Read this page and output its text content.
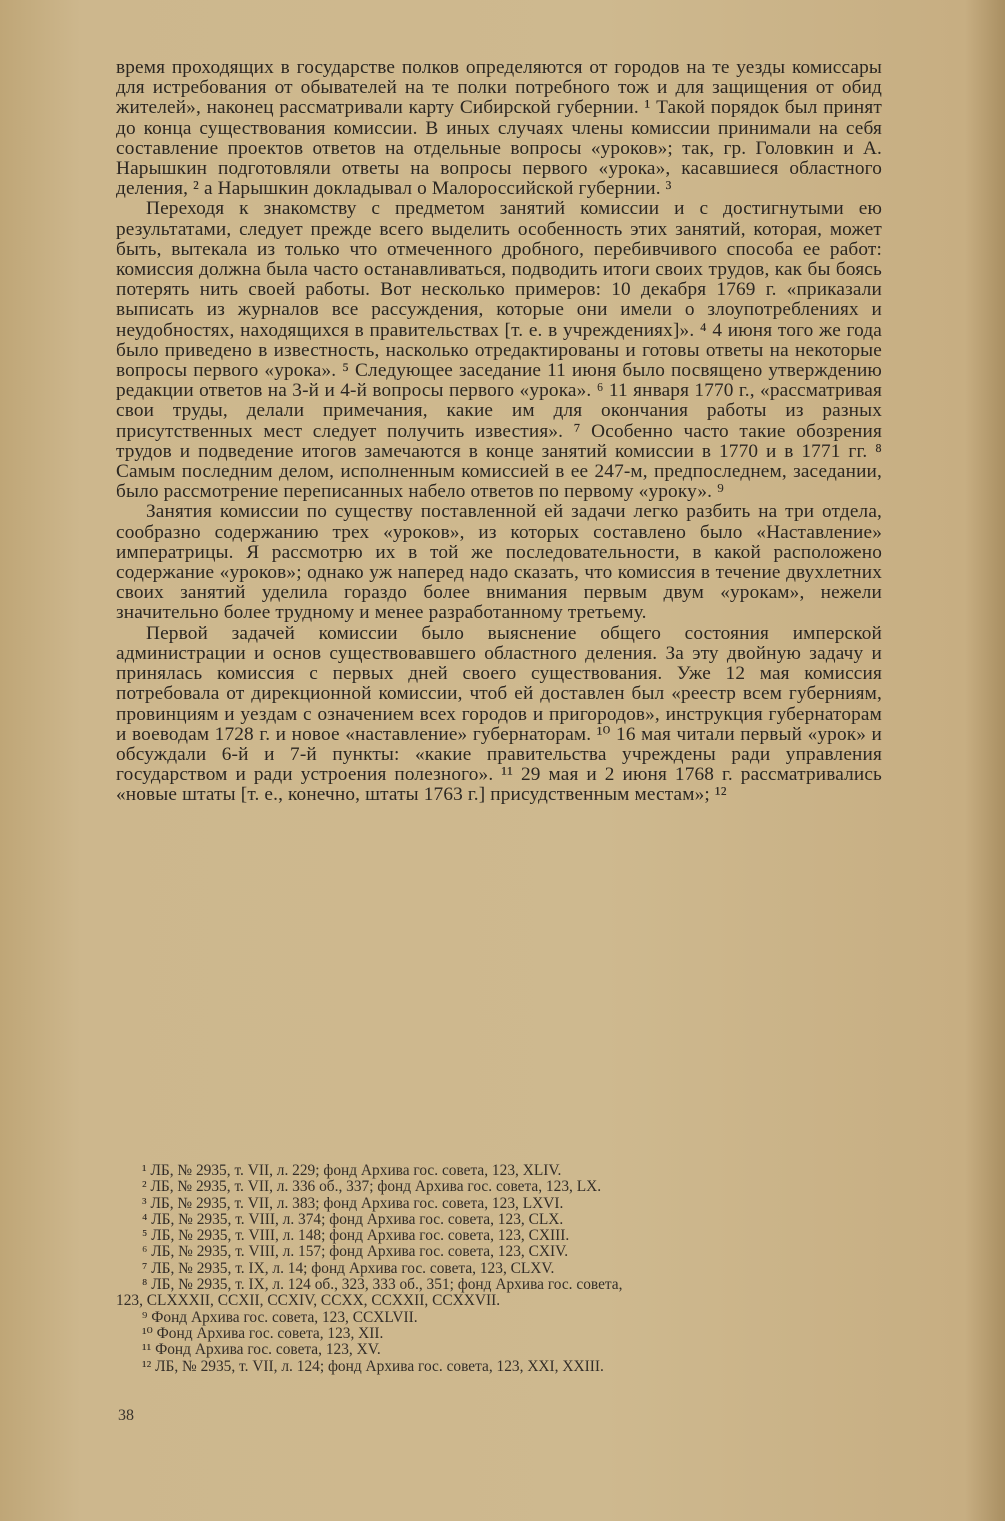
время проходящих в государстве полков определяются от городов на те уезды комиссары для истребования от обывателей на те полки потребного тож и для защищения от обид жителей», наконец рассматривали карту Сибирской губернии. ¹ Такой порядок был принят до конца существования комиссии. В иных случаях члены комиссии принимали на себя составление проектов ответов на отдельные вопросы «уроков»; так, гр. Головкин и А. Нарышкин подготовляли ответы на вопросы первого «урока», касавшиеся областного деления, ² а Нарышкин докладывал о Малороссийской губернии. ³

Переходя к знакомству с предметом занятий комиссии и с достигнутыми ею результатами, следует прежде всего выделить особенность этих занятий, которая, может быть, вытекала из только что отмеченного дробного, перебивчивого способа ее работ: комиссия должна была часто останавливаться, подводить итоги своих трудов, как бы боясь потерять нить своей работы. Вот несколько примеров: 10 декабря 1769 г. «приказали выписать из журналов все рассуждения, которые они имели о злоупотреблениях и неудобностях, находящихся в правительствах [т. е. в учреждениях]». ⁴ 4 июня того же года было приведено в известность, насколько отредактированы и готовы ответы на некоторые вопросы первого «урока». ⁵ Следующее заседание 11 июня было посвящено утверждению редакции ответов на 3-й и 4-й вопросы первого «урока». ⁶ 11 января 1770 г., «рассматривая свои труды, делали примечания, какие им для окончания работы из разных присутственных мест следует получить известия». ⁷ Особенно часто такие обозрения трудов и подведение итогов замечаются в конце занятий комиссии в 1770 и в 1771 гг. ⁸ Самым последним делом, исполненным комиссией в ее 247-м, предпоследнем, заседании, было рассмотрение переписанных набело ответов по первому «уроку». ⁹

Занятия комиссии по существу поставленной ей задачи легко разбить на три отдела, сообразно содержанию трех «уроков», из которых составлено было «Наставление» императрицы. Я рассмотрю их в той же последовательности, в какой расположено содержание «уроков»; однако уж наперед надо сказать, что комиссия в течение двухлетних своих занятий уделила гораздо более внимания первым двум «урокам», нежели значительно более трудному и менее разработанному третьему.

Первой задачей комиссии было выяснение общего состояния имперской администрации и основ существовавшего областного деления. За эту двойную задачу и принялась комиссия с первых дней своего существования. Уже 12 мая комиссия потребовала от дирекционной комиссии, чтоб ей доставлен был «реестр всем губерниям, провинциям и уездам с означением всех городов и пригородов», инструкция губернаторам и воеводам 1728 г. и новое «наставление» губернаторам. ¹⁰ 16 мая читали первый «урок» и обсуждали 6-й и 7-й пункты: «какие правительства учреждены ради управления государством и ради устроения полезного». ¹¹ 29 мая и 2 июня 1768 г. рассматривались «новые штаты [т. е., конечно, штаты 1763 г.] присудственным местам»; ¹²

¹ ЛБ, № 2935, т. VII, л. 229; фонд Архива гос. совета, 123, XLIV.

² ЛБ, № 2935, т. VII, л. 336 об., 337; фонд Архива гос. совета, 123, LX.

³ ЛБ, № 2935, т. VII, л. 383; фонд Архива гос. совета, 123, LXVI.

⁴ ЛБ, № 2935, т. VIII, л. 374; фонд Архива гос. совета, 123, CLX.

⁵ ЛБ, № 2935, т. VIII, л. 148; фонд Архива гос. совета, 123, CXIII.

⁶ ЛБ, № 2935, т. VIII, л. 157; фонд Архива гос. совета, 123, CXIV.

⁷ ЛБ, № 2935, т. IX, л. 14; фонд Архива гос. совета, 123, CLXV.

⁸ ЛБ, № 2935, т. IX, л. 124 об., 323, 333 об., 351; фонд Архива гос. совета,

123, CLXXXII, CCXII, CCXIV, CCXX, CCXXII, CCXXVII.

⁹ Фонд Архива гос. совета, 123, CCXLVII.

¹⁰ Фонд Архива гос. совета, 123, XII.

¹¹ Фонд Архива гос. совета, 123, XV.

¹² ЛБ, № 2935, т. VII, л. 124; фонд Архива гос. совета, 123, XXI, XXIII.

38
